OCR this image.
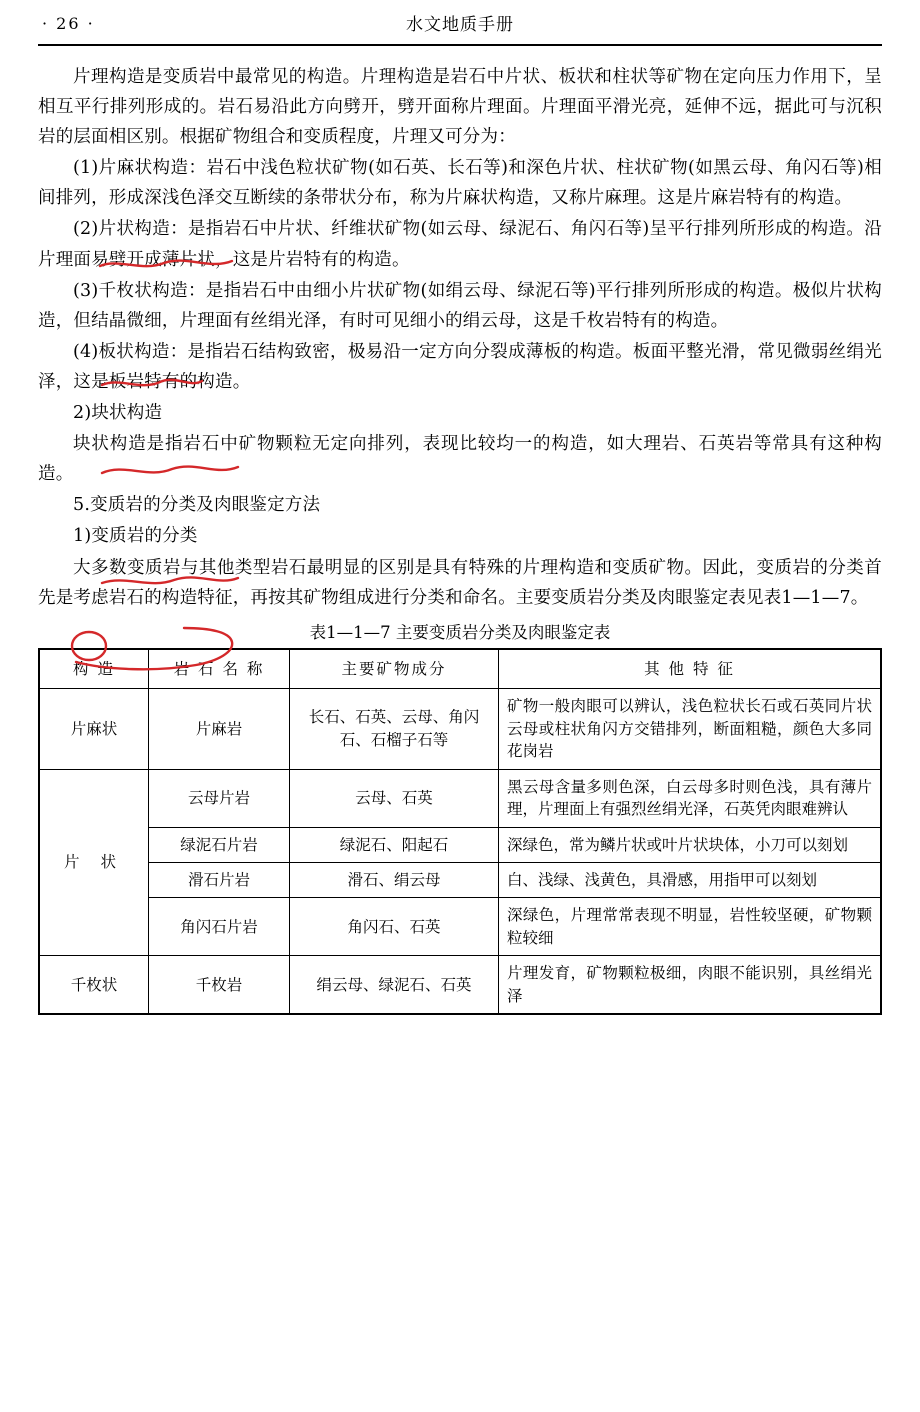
· 26 ·	水文地质手册

片理构造是变质岩中最常见的构造。片理构造是岩石中片状、板状和柱状等矿物在定向压力作用下，呈相互平行排列形成的。岩石易沿此方向劈开，劈开面称片理面。片理面平滑光亮，延伸不远，据此可与沉积岩的层面相区别。根据矿物组合和变质程度，片理又可分为：

(1)片麻状构造：岩石中浅色粒状矿物(如石英、长石等)和深色片状、柱状矿物(如黑云母、角闪石等)相间排列，形成深浅色泽交互断续的条带状分布，称为片麻状构造，又称片麻理。这是片麻岩特有的构造。

(2)片状构造：是指岩石中片状、纤维状矿物(如云母、绿泥石、角闪石等)呈平行排列所形成的构造。沿片理面易劈开成薄片状，这是片岩特有的构造。

(3)千枚状构造：是指岩石中由细小片状矿物(如绢云母、绿泥石等)平行排列所形成的构造。极似片状构造，但结晶微细，片理面有丝绢光泽，有时可见细小的绢云母，这是千枚岩特有的构造。

(4)板状构造：是指岩石结构致密，极易沿一定方向分裂成薄板的构造。板面平整光滑，常见微弱丝绢光泽，这是板岩特有的构造。

2)块状构造

块状构造是指岩石中矿物颗粒无定向排列，表现比较均一的构造，如大理岩、石英岩等常具有这种构造。

5.变质岩的分类及肉眼鉴定方法

1)变质岩的分类

大多数变质岩与其他类型岩石最明显的区别是具有特殊的片理构造和变质矿物。因此，变质岩的分类首先是考虑岩石的构造特征，再按其矿物组成进行分类和命名。主要变质岩分类及肉眼鉴定表见表1—1—7。

表1—1—7 主要变质岩分类及肉眼鉴定表
构 造	岩 石 名 称	主要矿物成分	其 他 特 征
片麻状	片麻岩	长石、石英、云母、角闪石、石榴子石等	矿物一般肉眼可以辨认，浅色粒状长石或石英同片状云母或柱状角闪方交错排列，断面粗糙，颜色大多同花岗岩
片 状	云母片岩	云母、石英	黑云母含量多则色深，白云母多时则色浅，具有薄片理，片理面上有强烈丝绢光泽，石英凭肉眼难辨认
	绿泥石片岩	绿泥石、阳起石	深绿色，常为鳞片状或叶片状块体，小刀可以刻划
	滑石片岩	滑石、绢云母	白、浅绿、浅黄色，具滑感，用指甲可以刻划
	角闪石片岩	角闪石、石英	深绿色，片理常常表现不明显，岩性较坚硬，矿物颗粒较细
千枚状	千枚岩	绢云母、绿泥石、石英	片理发育，矿物颗粒极细，肉眼不能识别，具丝绢光泽
